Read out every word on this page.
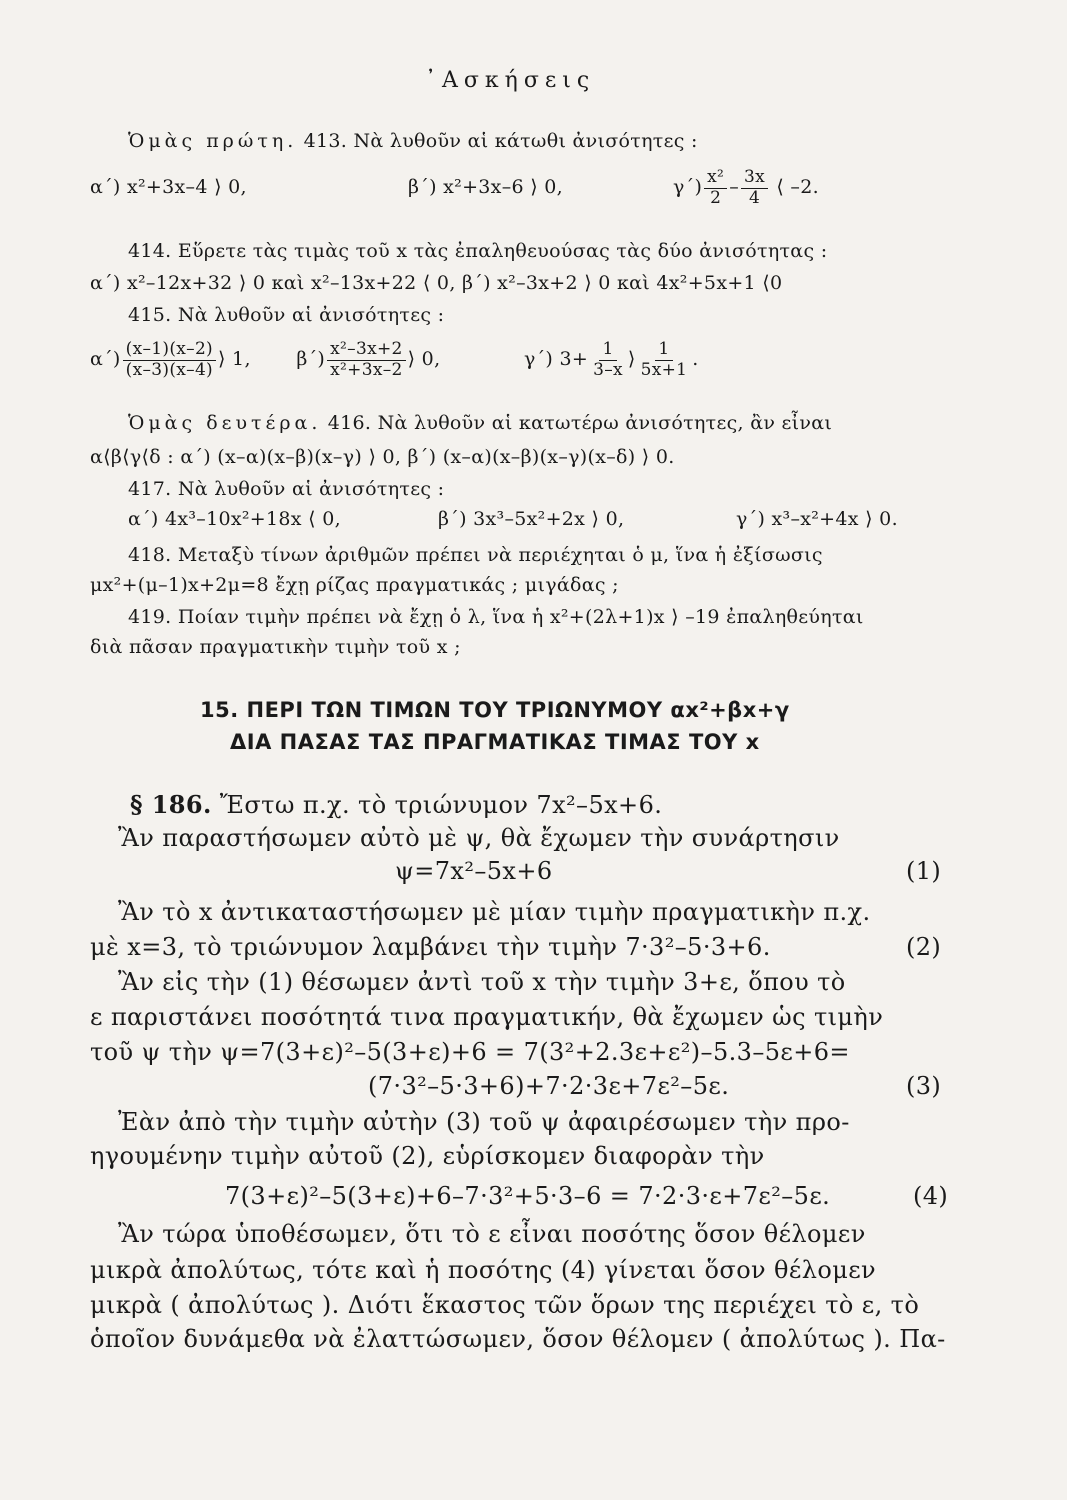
᾿Ασκήσεις
Ὁμὰς πρώτη. 413. Νὰ λυθοῦν αἱ κάτωθι ἀνισότητες :
α΄) x²+3x–4 ⟩ 0,	β΄) x²+3x–6 ⟩ 0,	$\gamma΄) \frac{\text{x²}}{2} - \frac{3x}{4}$ ⟨ –2.
414. Εὕρετε τὰς τιμὰς τοῦ x τὰς ἐπαληθευούσας τὰς δύο ἀνισότητας :
α΄) x²–12x+32 ⟩ 0 καὶ x²–13x+22 ⟨ 0, β΄) x²–3x+2 ⟩ 0 καὶ 4x²+5x+1 ⟨0
415. Νὰ λυθοῦν αἱ ἀνισότητες :
$\alpha΄) \frac{(x-1)(x-2)}{(x-3)(x-4)}$ ⟩ 1, $\beta΄) \frac{\text{x²–3x+2}}{\text{x²+3x–2}}$ ⟩ 0,	γ΄) $3+ \frac{1}{3-x}$ ⟩ $\frac{1}{5x+1}$ .
Ὁμὰς δευτέρα. 416. Νὰ λυθοῦν αἱ κατωτέρω ἀνισότητες, ἂν εἶναι
α⟨β⟨γ⟨δ : α΄) (x–α)(x–β)(x–γ) ⟩ 0, β΄) (x–α)(x–β)(x–γ)(x–δ) ⟩ 0.
417. Νὰ λυθοῦν αἱ ἀνισότητες :
α΄) 4x³–10x²+18x ⟨ 0,	β΄) 3x³–5x²+2x ⟩ 0,	γ΄) x³–x²+4x ⟩ 0.
418. Μεταξὺ τίνων ἀριθμῶν πρέπει νὰ περιέχηται ὁ μ, ἵνα ἡ ἐξίσωσις
μx²+(μ–1)x+2μ=8 ἔχῃ ρίζας πραγματικάς ; μιγάδας ;
419. Ποίαν τιμὴν πρέπει νὰ ἔχῃ ὁ λ, ἵνα ἡ x²+(2λ+1)x ⟩ –19 ἐπαληθεύηται
διὰ πᾶσαν πραγματικὴν τιμὴν τοῦ x ;
15. ΠΕΡΙ ΤΩΝ ΤΙΜΩΝ ΤΟΥ ΤΡΙΩΝΥΜΟΥ αx²+βx+γ
ΔΙΑ ΠΑΣΑΣ ΤΑΣ ΠΡΑΓΜΑΤΙΚΑΣ ΤΙΜΑΣ ΤΟΥ x
§ 186. Ἔστω π.χ. τὸ τριώνυμον 7x²–5x+6.
Ἂν παραστήσωμεν αὐτὸ μὲ ψ, θὰ ἔχωμεν τὴν συνάρτησιν
ψ=7x²–5x+6	(1)
Ἂν τὸ x ἀντικαταστήσωμεν μὲ μίαν τιμὴν πραγματικὴν π.χ.
μὲ x=3, τὸ τριώνυμον λαμβάνει τὴν τιμὴν 7·3²–5·3+6.	(2)
Ἂν εἰς τὴν (1) θέσωμεν ἀντὶ τοῦ x τὴν τιμὴν 3+ε, ὅπου τὸ
ε παριστάνει ποσότητά τινα πραγματικήν, θὰ ἔχωμεν ὡς τιμὴν
τοῦ ψ τὴν ψ=7(3+ε)²–5(3+ε)+6 = 7(3²+2.3ε+ε²)–5.3–5ε+6=
(7·3²–5·3+6)+7·2·3ε+7ε²–5ε.	(3)
Ἐὰν ἀπὸ τὴν τιμὴν αὐτὴν (3) τοῦ ψ ἀφαιρέσωμεν τὴν προ-
ηγουμένην τιμὴν αὐτοῦ (2), εὑρίσκομεν διαφορὰν τὴν
7(3+ε)²–5(3+ε)+6–7·3²+5·3–6 = 7·2·3·ε+7ε²–5ε.	(4)
Ἂν τώρα ὑποθέσωμεν, ὅτι τὸ ε εἶναι ποσότης ὅσον θέλομεν
μικρὰ ἀπολύτως, τότε καὶ ἡ ποσότης (4) γίνεται ὅσον θέλομεν
μικρὰ ( ἀπολύτως ). Διότι ἕκαστος τῶν ὅρων της περιέχει τὸ ε, τὸ
ὁποῖον δυνάμεθα νὰ ἐλαττώσωμεν, ὅσον θέλομεν ( ἀπολύτως ). Πα-
